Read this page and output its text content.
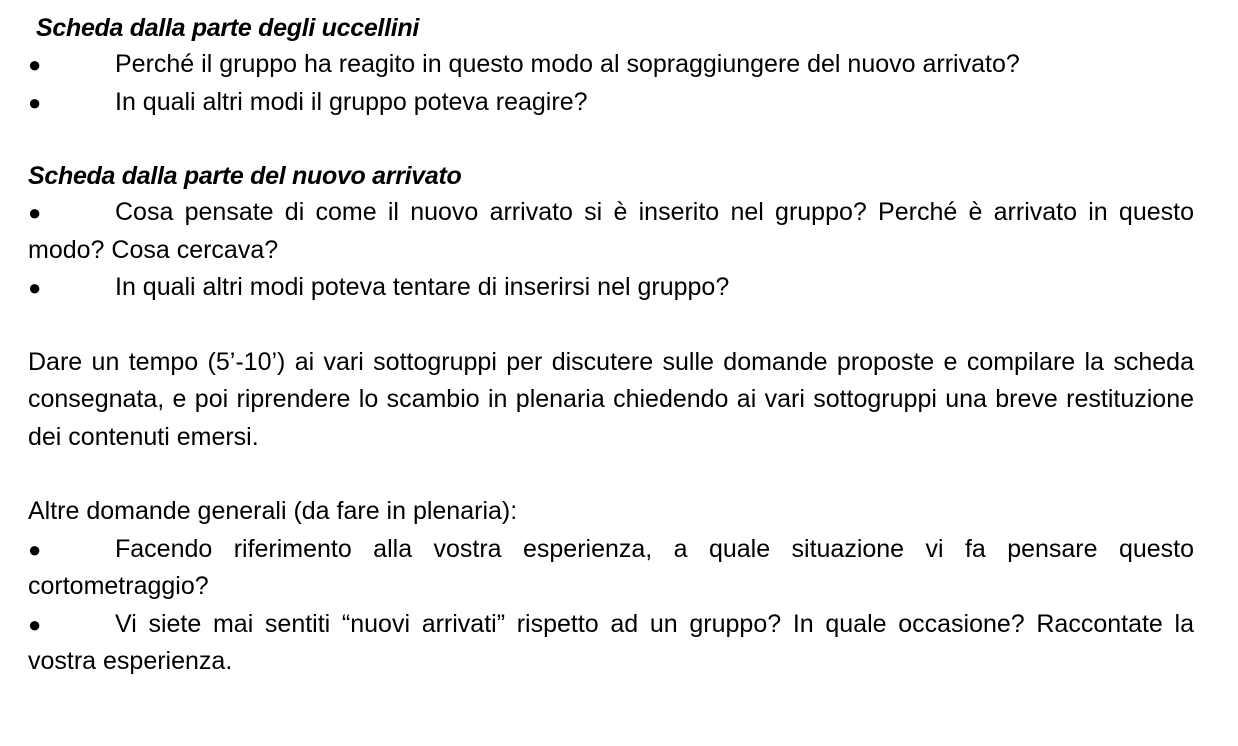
Scheda dalla parte degli uccellini

●	Perché il gruppo ha reagito in questo modo al sopraggiungere del nuovo arrivato?

●	In quali altri modi il gruppo poteva reagire?

Scheda dalla parte del nuovo arrivato

●	Cosa pensate di come il nuovo arrivato si è inserito nel gruppo? Perché è arrivato in questo modo? Cosa cercava?

●	In quali altri modi poteva tentare di inserirsi nel gruppo?

Dare un tempo (5’-10’) ai vari sottogruppi per discutere sulle domande proposte e compilare la scheda consegnata, e poi riprendere lo scambio in plenaria chiedendo ai vari sottogruppi una breve restituzione dei contenuti emersi.

Altre domande generali (da fare in plenaria):

●	Facendo riferimento alla vostra esperienza, a quale situazione vi fa pensare questo cortometraggio?

●	Vi siete mai sentiti “nuovi arrivati” rispetto ad un gruppo? In quale occasione? Raccontate la vostra esperienza.
